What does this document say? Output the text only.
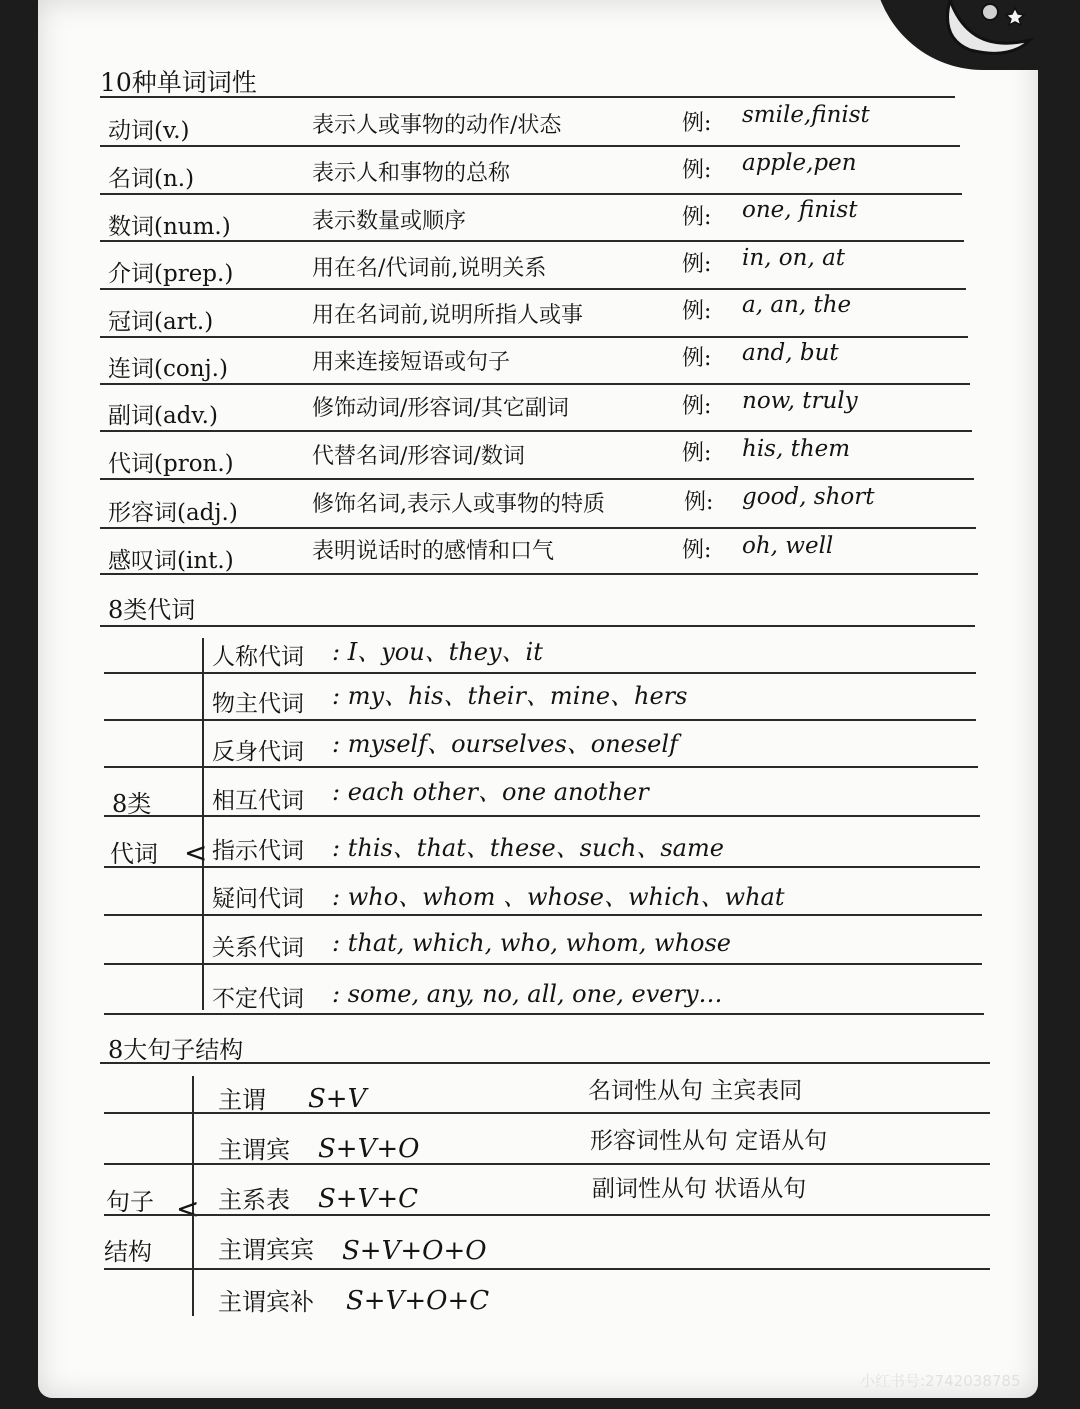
10种单词词性
动词(v.)	表示人或事物的动作/状态	例: smile,finist
名词(n.)	表示人和事物的总称	例: apple,pen
数词(num.)	表示数量或顺序	例: one, finist
介词(prep.)	用在名/代词前,说明关系	例: in, on, at
冠词(art.)	用在名词前,说明所指人或事	例: a, an, the
连词(conj.)	用来连接短语或句子	例: and, but
副词(adv.)	修饰动词/形容词/其它副词	例: now, truly
代词(pron.)	代替名词/形容词/数词	例: his, them
形容词(adj.)	修饰名词,表示人或事物的特质	例: good, short
感叹词(int.)	表明说话时的感情和口气	例: oh, well
8类代词
<
8类
代词
人称代词 : I、you、they、it
物主代词 : my、his、their、mine、hers
反身代词 : myself、ourselves、oneself
相互代词 : each other、one another
指示代词 : this、that、these、such、same
疑问代词 : who、whom 、whose、which、what
关系代词 : that, which, who, whom, whose
不定代词 : some, any, no, all, one, every…
8大句子结构
<
句子
结构
主谓 S+V	名词性从句 主宾表同
主谓宾 S+V+O	形容词性从句 定语从句
主系表 S+V+C	副词性从句 状语从句
主谓宾宾 S+V+O+O
主谓宾补 S+V+O+C
小红书号:2742038785
